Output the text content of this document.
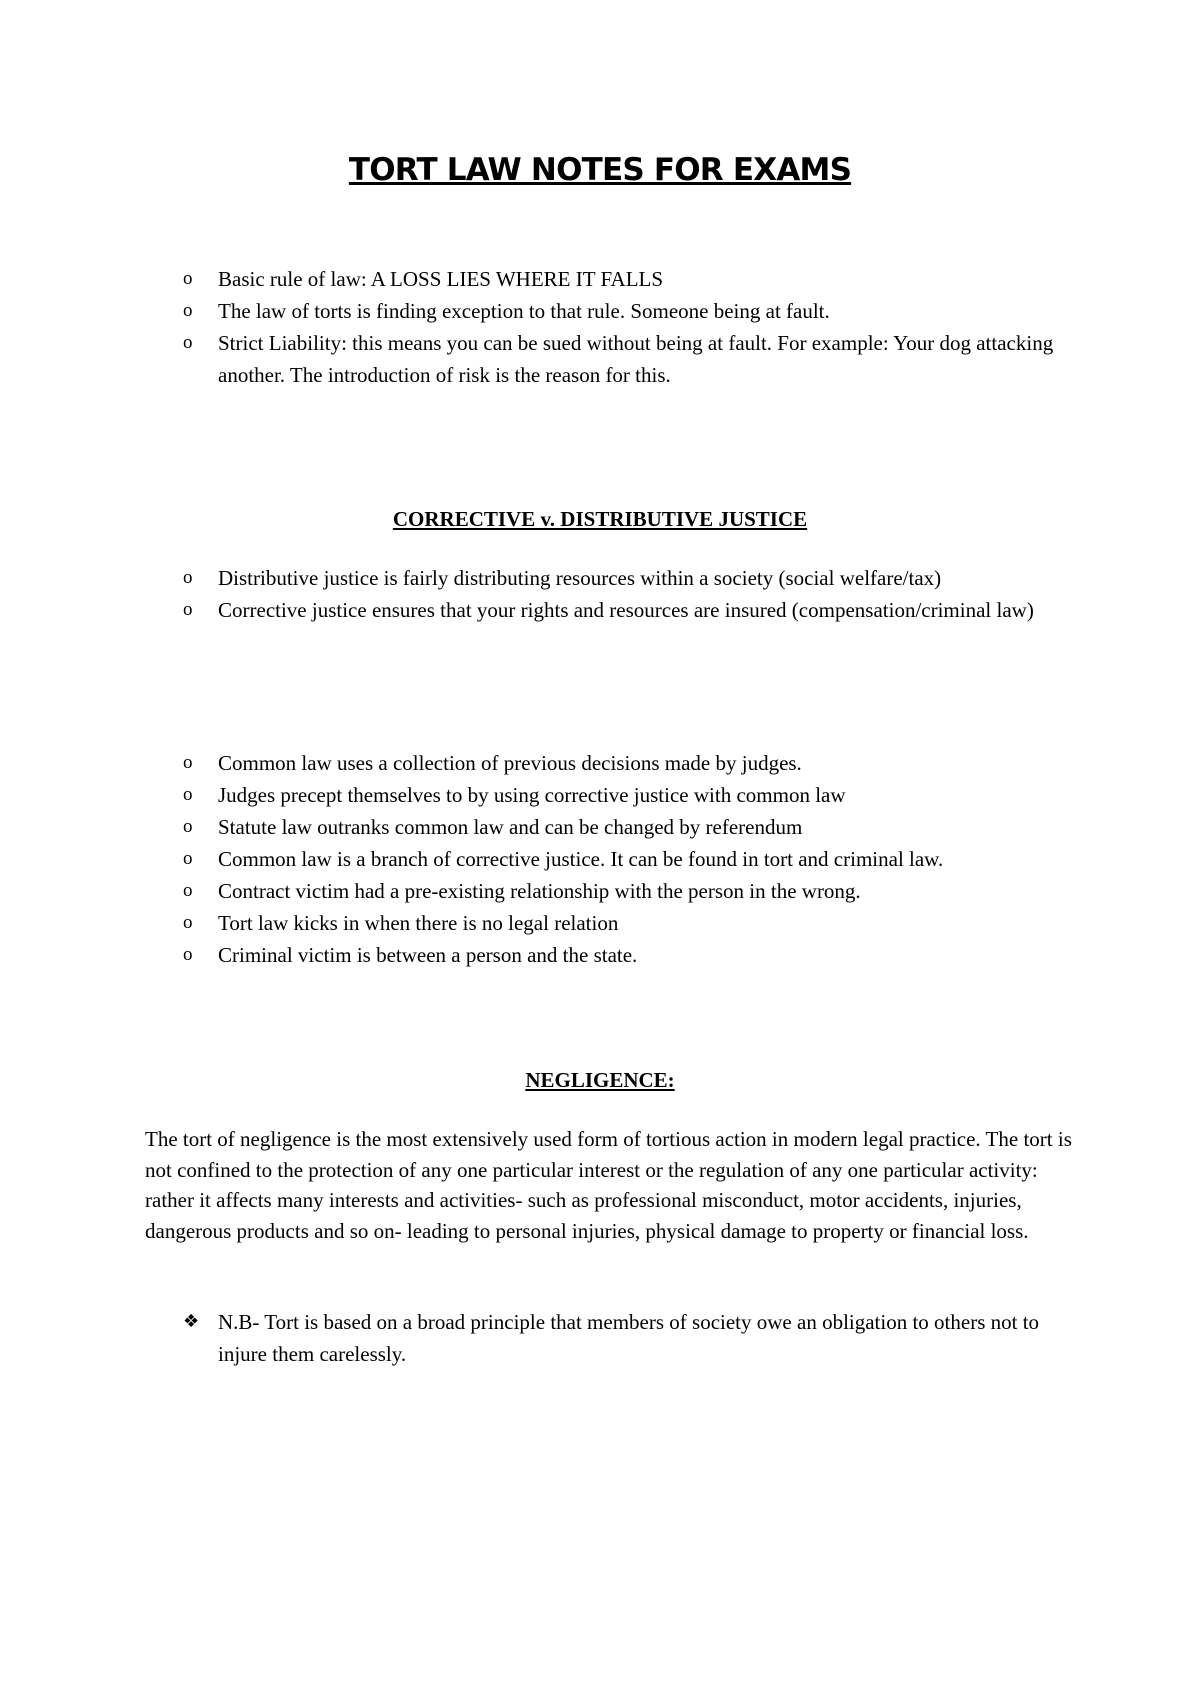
TORT LAW NOTES FOR EXAMS
o Basic rule of law: A LOSS LIES WHERE IT FALLS
o The law of torts is finding exception to that rule. Someone being at fault.
o Strict Liability: this means you can be sued without being at fault. For example: Your dog attacking another. The introduction of risk is the reason for this.
CORRECTIVE v. DISTRIBUTIVE JUSTICE
o Distributive justice is fairly distributing resources within a society (social welfare/tax)
o Corrective justice ensures that your rights and resources are insured (compensation/criminal law)
o Common law uses a collection of previous decisions made by judges.
o Judges precept themselves to by using corrective justice with common law
o Statute law outranks common law and can be changed by referendum
o Common law is a branch of corrective justice. It can be found in tort and criminal law.
o Contract victim had a pre-existing relationship with the person in the wrong.
o Tort law kicks in when there is no legal relation
o Criminal victim is between a person and the state.
NEGLIGENCE:

The tort of negligence is the most extensively used form of tortious action in modern legal practice. The tort is not confined to the protection of any one particular interest or the regulation of any one particular activity: rather it affects many interests and activities- such as professional misconduct, motor accidents, injuries, dangerous products and so on- leading to personal injuries, physical damage to property or financial loss.

❖ N.B- Tort is based on a broad principle that members of society owe an obligation to others not to injure them carelessly.
